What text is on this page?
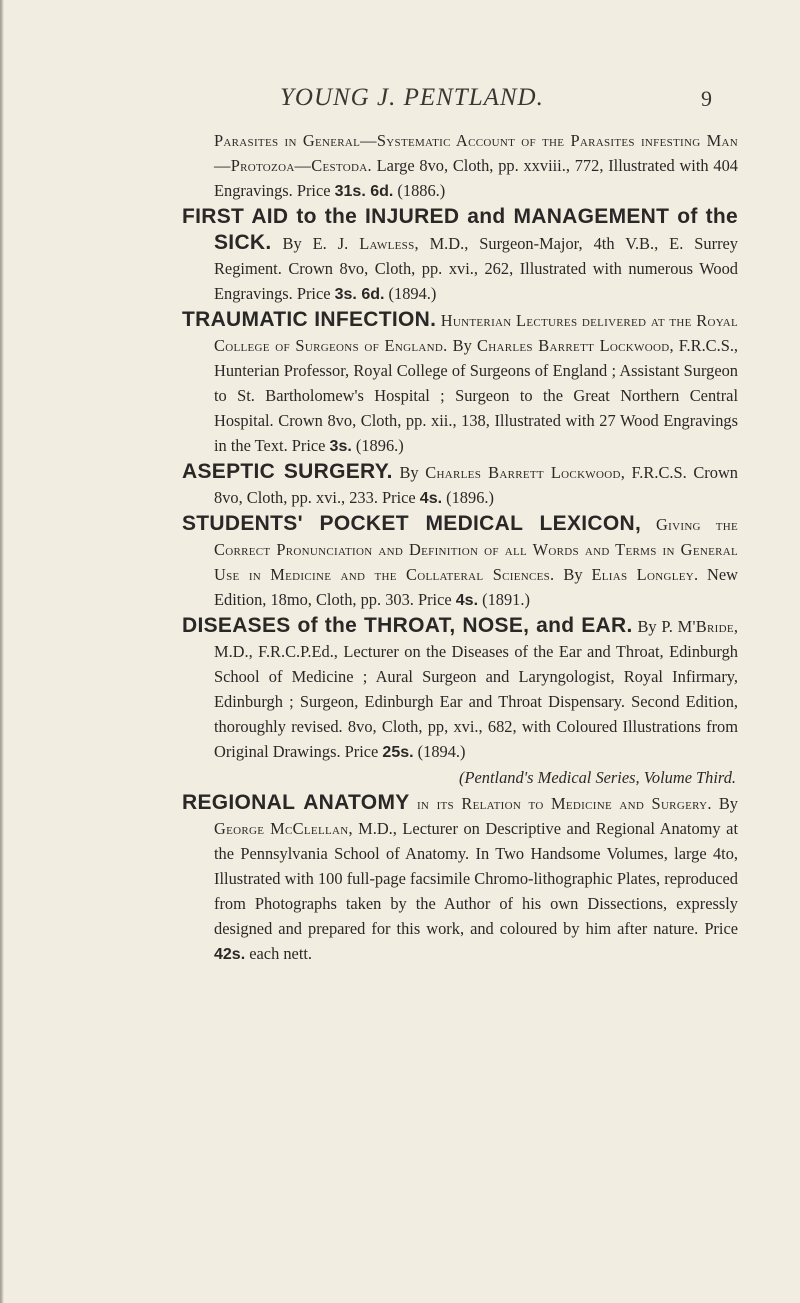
YOUNG J. PENTLAND.	9

Parasites in General—Systematic Account of the Parasites infesting Man—Protozoa—Cestoda. Large 8vo, Cloth, pp. xxviii., 772, Illustrated with 404 Engravings. Price 31s. 6d. (1886.)

FIRST AID to the INJURED and MANAGEMENT of the SICK. By E. J. Lawless, M.D., Surgeon-Major, 4th V.B., E. Surrey Regiment. Crown 8vo, Cloth, pp. xvi., 262, Illustrated with numerous Wood Engravings. Price 3s. 6d. (1894.)

TRAUMATIC INFECTION. Hunterian Lectures delivered at the Royal College of Surgeons of England. By Charles Barrett Lockwood, F.R.C.S., Hunterian Professor, Royal College of Surgeons of England ; Assistant Surgeon to St. Bartholomew's Hospital ; Surgeon to the Great Northern Central Hospital. Crown 8vo, Cloth, pp. xii., 138, Illustrated with 27 Wood Engravings in the Text. Price 3s. (1896.)

ASEPTIC SURGERY. By Charles Barrett Lockwood, F.R.C.S. Crown 8vo, Cloth, pp. xvi., 233. Price 4s. (1896.)

STUDENTS' POCKET MEDICAL LEXICON, Giving the Correct Pronunciation and Definition of all Words and Terms in General Use in Medicine and the Collateral Sciences. By Elias Longley. New Edition, 18mo, Cloth, pp. 303. Price 4s. (1891.)

DISEASES of the THROAT, NOSE, and EAR. By P. M'Bride, M.D., F.R.C.P.Ed., Lecturer on the Diseases of the Ear and Throat, Edinburgh School of Medicine ; Aural Surgeon and Laryngologist, Royal Infirmary, Edinburgh ; Surgeon, Edinburgh Ear and Throat Dispensary. Second Edition, thoroughly revised. 8vo, Cloth, pp, xvi., 682, with Coloured Illustrations from Original Drawings. Price 25s. (1894.)

(Pentland's Medical Series, Volume Third.

REGIONAL ANATOMY in its Relation to Medicine and Surgery. By George McClellan, M.D., Lecturer on Descriptive and Regional Anatomy at the Pennsylvania School of Anatomy. In Two Handsome Volumes, large 4to, Illustrated with 100 full-page facsimile Chromo-lithographic Plates, reproduced from Photographs taken by the Author of his own Dissections, expressly designed and prepared for this work, and coloured by him after nature. Price 42s. each nett.
